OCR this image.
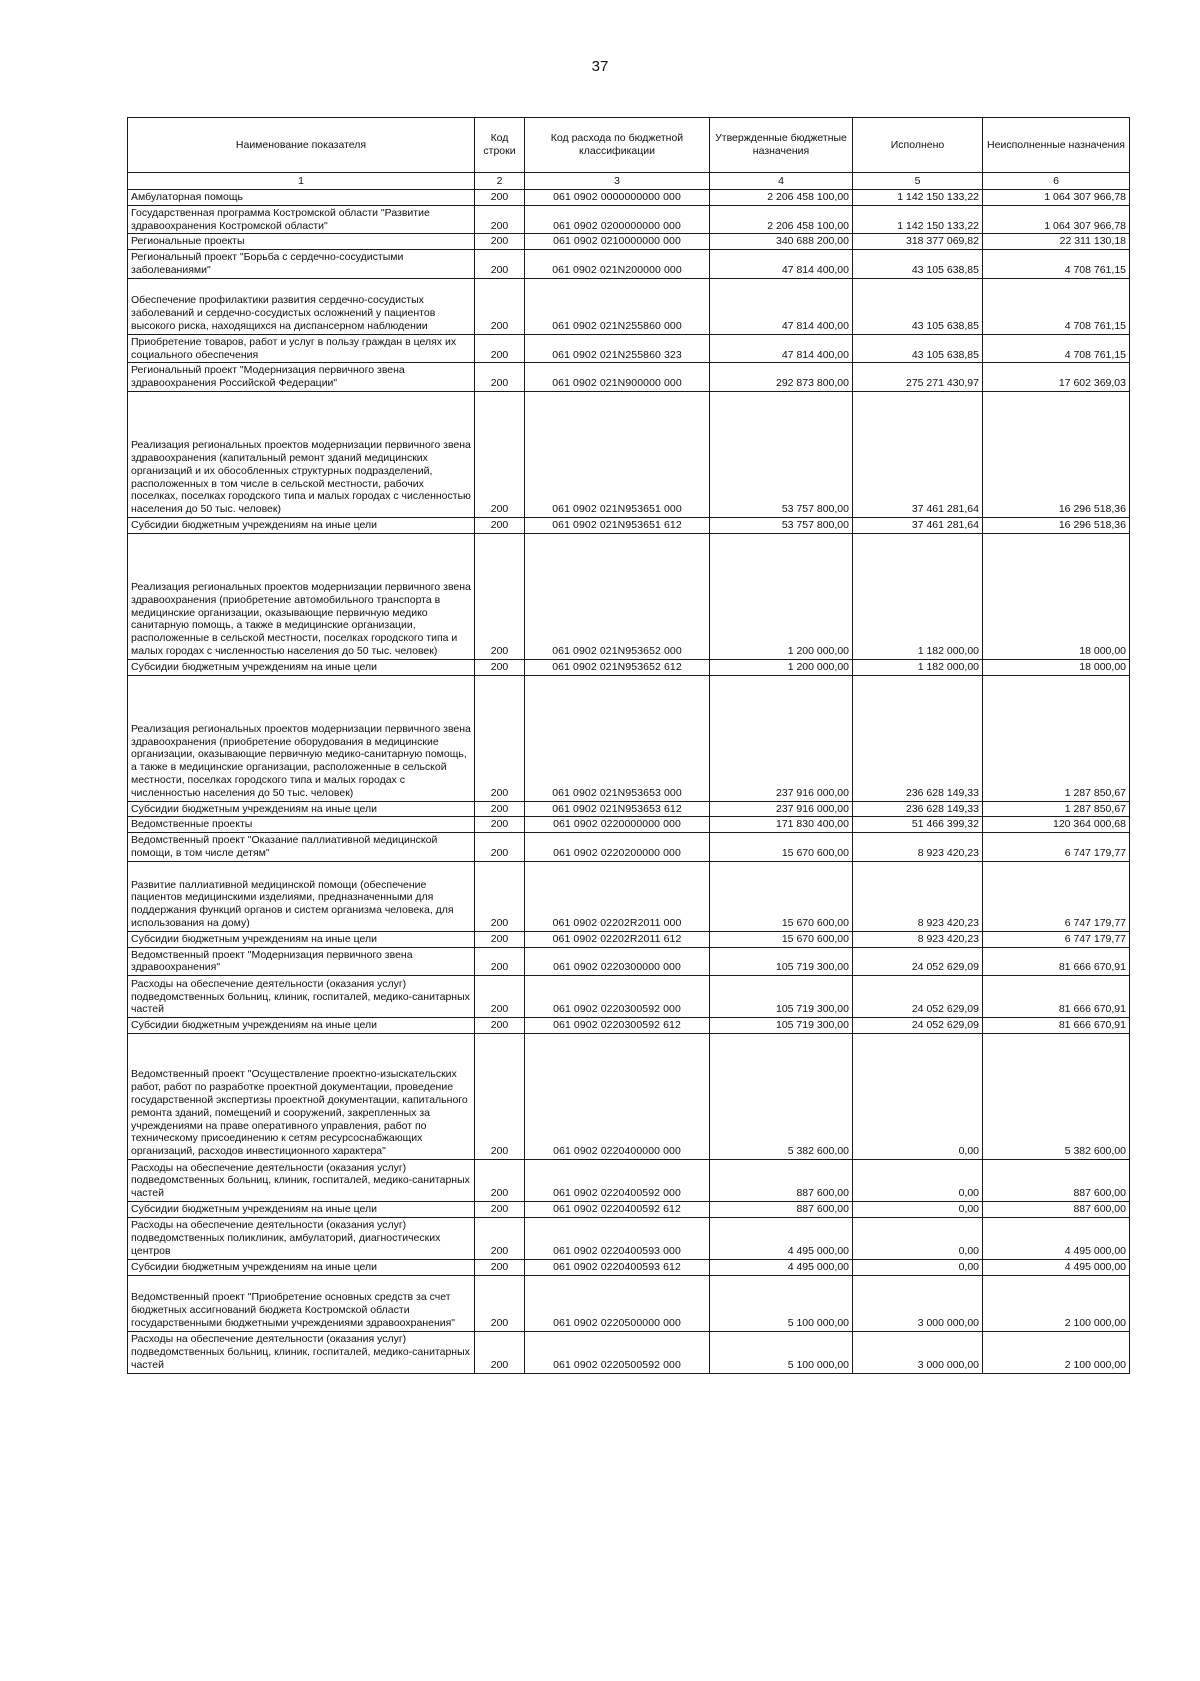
37
Наименование показателя	Код строки	Код расхода по бюджетной классификации	Утвержденные бюджетные назначения	Исполнено	Неисполненные назначения
1	2	3	4	5	6
Амбулаторная помощь	200	061 0902 0000000000 000	2 206 458 100,00	1 142 150 133,22	1 064 307 966,78
Государственная программа Костромской области "Развитие здравоохранения Костромской области"	200	061 0902 0200000000 000	2 206 458 100,00	1 142 150 133,22	1 064 307 966,78
Региональные проекты	200	061 0902 0210000000 000	340 688 200,00	318 377 069,82	22 311 130,18
Региональный проект "Борьба с сердечно-сосудистыми заболеваниями"	200	061 0902 021N200000 000	47 814 400,00	43 105 638,85	4 708 761,15
Обеспечение профилактики развития сердечно-сосудистых заболеваний и сердечно-сосудистых осложнений у пациентов высокого риска, находящихся на диспансерном наблюдении	200	061 0902 021N255860 000	47 814 400,00	43 105 638,85	4 708 761,15
Приобретение товаров, работ и услуг в пользу граждан в целях их социального обеспечения	200	061 0902 021N255860 323	47 814 400,00	43 105 638,85	4 708 761,15
Региональный проект "Модернизация первичного звена здравоохранения Российской Федерации"	200	061 0902 021N900000 000	292 873 800,00	275 271 430,97	17 602 369,03
Реализация региональных проектов модернизации первичного звена здравоохранения (капитальный ремонт зданий медицинских организаций и их обособленных структурных подразделений, расположенных в том числе в сельской местности, рабочих поселках, поселках городского типа и малых городах с численностью населения до 50 тыс. человек)	200	061 0902 021N953651 000	53 757 800,00	37 461 281,64	16 296 518,36
Субсидии бюджетным учреждениям на иные цели	200	061 0902 021N953651 612	53 757 800,00	37 461 281,64	16 296 518,36
Реализация региональных проектов модернизации первичного звена здравоохранения (приобретение автомобильного транспорта в медицинские организации, оказывающие первичную медико санитарную помощь, а также в медицинские организации, расположенные в сельской местности, поселках городского типа и малых городах с численностью населения до 50 тыс. человек)	200	061 0902 021N953652 000	1 200 000,00	1 182 000,00	18 000,00
Субсидии бюджетным учреждениям на иные цели	200	061 0902 021N953652 612	1 200 000,00	1 182 000,00	18 000,00
Реализация региональных проектов модернизации первичного звена здравоохранения (приобретение оборудования в медицинские организации, оказывающие первичную медико-санитарную помощь, а также в медицинские организации, расположенные в сельской местности, поселках городского типа и малых городах с численностью населения до 50 тыс. человек)	200	061 0902 021N953653 000	237 916 000,00	236 628 149,33	1 287 850,67
Субсидии бюджетным учреждениям на иные цели	200	061 0902 021N953653 612	237 916 000,00	236 628 149,33	1 287 850,67
Ведомственные проекты	200	061 0902 0220000000 000	171 830 400,00	51 466 399,32	120 364 000,68
Ведомственный проект "Оказание паллиативной медицинской помощи, в том числе детям"	200	061 0902 0220200000 000	15 670 600,00	8 923 420,23	6 747 179,77
Развитие паллиативной медицинской помощи (обеспечение пациентов медицинскими изделиями, предназначенными для поддержания функций органов и систем организма человека, для использования на дому)	200	061 0902 02202R2011 000	15 670 600,00	8 923 420,23	6 747 179,77
Субсидии бюджетным учреждениям на иные цели	200	061 0902 02202R2011 612	15 670 600,00	8 923 420,23	6 747 179,77
Ведомственный проект "Модернизация первичного звена здравоохранения"	200	061 0902 0220300000 000	105 719 300,00	24 052 629,09	81 666 670,91
Расходы на обеспечение деятельности (оказания услуг) подведомственных больниц, клиник, госпиталей, медико-санитарных частей	200	061 0902 0220300592 000	105 719 300,00	24 052 629,09	81 666 670,91
Субсидии бюджетным учреждениям на иные цели	200	061 0902 0220300592 612	105 719 300,00	24 052 629,09	81 666 670,91
Ведомственный проект "Осуществление проектно-изыскательских работ, работ по разработке проектной документации, проведение государственной экспертизы проектной документации, капитального ремонта зданий, помещений и сооружений, закрепленных за учреждениями на праве оперативного управления, работ по техническому присоединению к сетям ресурсоснабжающих организаций, расходов инвестиционного характера"	200	061 0902 0220400000 000	5 382 600,00	0,00	5 382 600,00
Расходы на обеспечение деятельности (оказания услуг) подведомственных больниц, клиник, госпиталей, медико-санитарных частей	200	061 0902 0220400592 000	887 600,00	0,00	887 600,00
Субсидии бюджетным учреждениям на иные цели	200	061 0902 0220400592 612	887 600,00	0,00	887 600,00
Расходы на обеспечение деятельности (оказания услуг) подведомственных поликлиник, амбулаторий, диагностических центров	200	061 0902 0220400593 000	4 495 000,00	0,00	4 495 000,00
Субсидии бюджетным учреждениям на иные цели	200	061 0902 0220400593 612	4 495 000,00	0,00	4 495 000,00
Ведомственный проект "Приобретение основных средств за счет бюджетных ассигнований бюджета Костромской области государственными бюджетными учреждениями здравоохранения"	200	061 0902 0220500000 000	5 100 000,00	3 000 000,00	2 100 000,00
Расходы на обеспечение деятельности (оказания услуг) подведомственных больниц, клиник, госпиталей, медико-санитарных частей	200	061 0902 0220500592 000	5 100 000,00	3 000 000,00	2 100 000,00
